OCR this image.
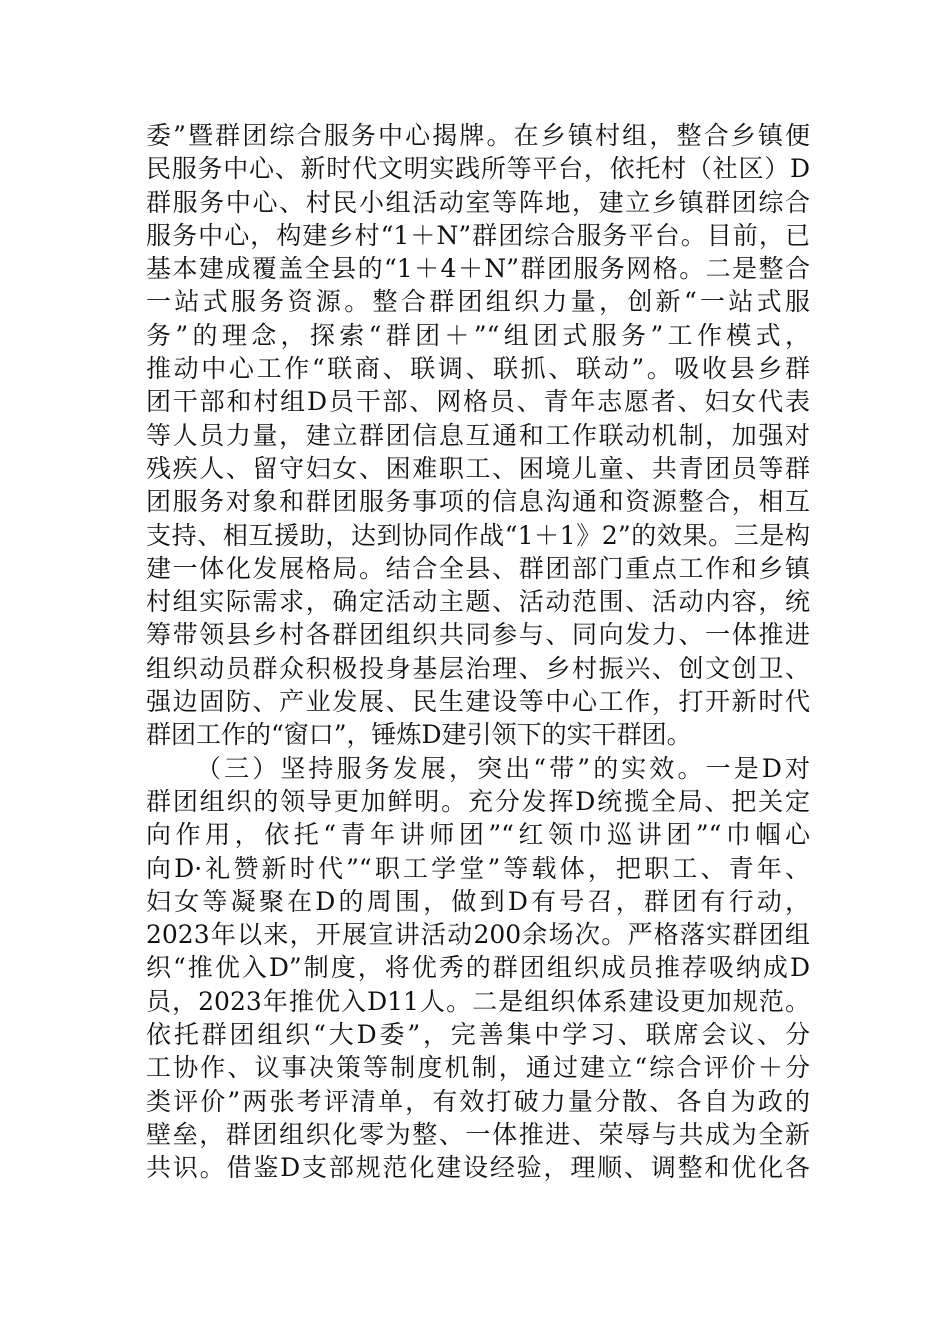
委”暨群团综合服务中心揭牌。在乡镇村组，整合乡镇便
民服务中心、新时代文明实践所等平台，依托村（社区）D
群服务中心、村民小组活动室等阵地，建立乡镇群团综合
服务中心，构建乡村“1＋N”群团综合服务平台。目前，已
基本建成覆盖全县的“1＋4＋N”群团服务网格。二是整合
一站式服务资源。整合群团组织力量，创新“一站式服
务”的理念，探索“群团＋”“组团式服务”工作模式，
推动中心工作“联商、联调、联抓、联动”。吸收县乡群
团干部和村组D员干部、网格员、青年志愿者、妇女代表
等人员力量，建立群团信息互通和工作联动机制，加强对
残疾人、留守妇女、困难职工、困境儿童、共青团员等群
团服务对象和群团服务事项的信息沟通和资源整合，相互
支持、相互援助，达到协同作战“1＋1》2”的效果。三是构
建一体化发展格局。结合全县、群团部门重点工作和乡镇
村组实际需求，确定活动主题、活动范围、活动内容，统
筹带领县乡村各群团组织共同参与、同向发力、一体推进
组织动员群众积极投身基层治理、乡村振兴、创文创卫、
强边固防、产业发展、民生建设等中心工作，打开新时代
群团工作的“窗口”，锤炼D建引领下的实干群团。
（三）坚持服务发展，突出“带”的实效。一是D对
群团组织的领导更加鲜明。充分发挥D统揽全局、把关定
向作用，依托“青年讲师团”“红领巾巡讲团”“巾帼心
向D·礼赞新时代”“职工学堂”等载体，把职工、青年、
妇女等凝聚在D的周围，做到D有号召，群团有行动，
2023年以来，开展宣讲活动200余场次。严格落实群团组
织“推优入D”制度，将优秀的群团组织成员推荐吸纳成D
员，2023年推优入D11人。二是组织体系建设更加规范。
依托群团组织“大D委”，完善集中学习、联席会议、分
工协作、议事决策等制度机制，通过建立“综合评价＋分
类评价”两张考评清单，有效打破力量分散、各自为政的
壁垒，群团组织化零为整、一体推进、荣辱与共成为全新
共识。借鉴D支部规范化建设经验，理顺、调整和优化各
